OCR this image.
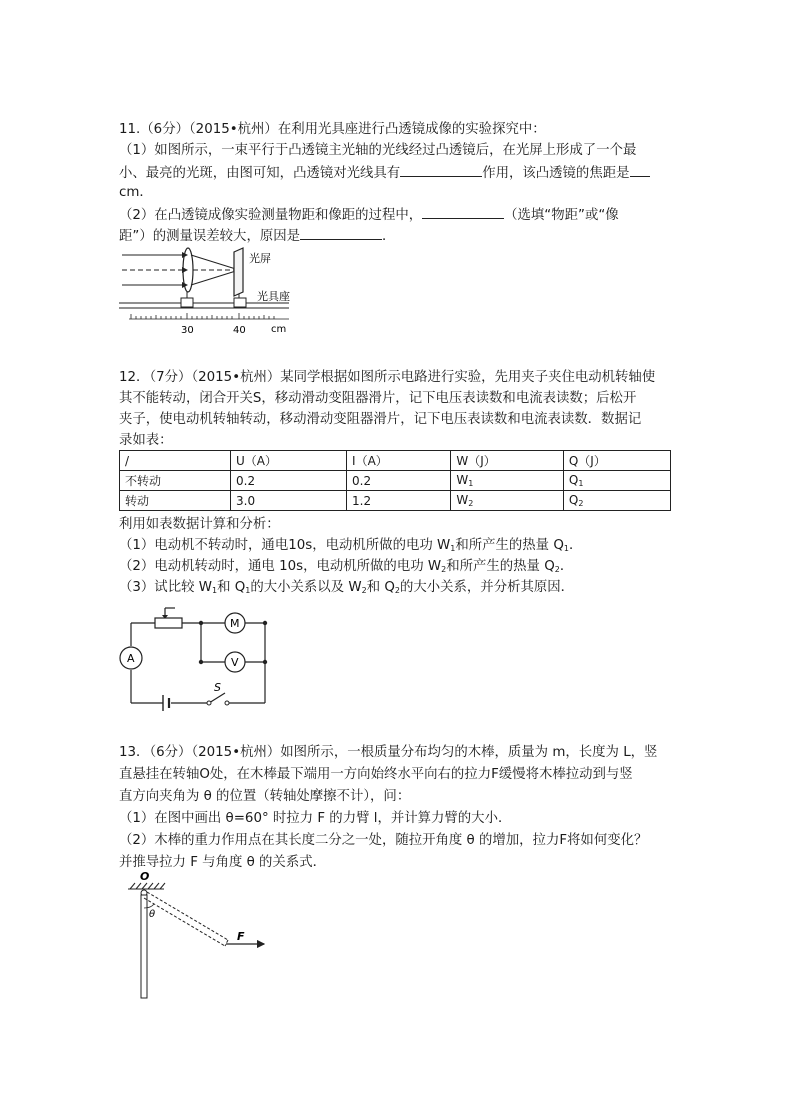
11.（6分）（2015•杭州）在利用光具座进行凸透镜成像的实验探究中：
（1）如图所示，一束平行于凸透镜主光轴的光线经过凸透镜后，在光屏上形成了一个最
小、最亮的光斑，由图可知，凸透镜对光线具有	作用，该凸透镜的焦距是
cm．
（2）在凸透镜成像实验测量物距和像距的过程中，	（选填“物距”或“像
距”）的测量误差较大，原因是	．
光屏
光具座
30	40	cm
12．（7分）（2015•杭州）某同学根据如图所示电路进行实验，先用夹子夹住电动机转轴使
其不能转动，闭合开关S，移动滑动变阻器滑片，记下电压表读数和电流表读数；后松开
夹子，使电动机转轴转动，移动滑动变阻器滑片，记下电压表读数和电流表读数．数据记
录如表：
/	U（A）	I（A）	W（J）	Q（J）
不转动	0.2	0.2	$W_1$	$Q_1$
转动	3.0	1.2	$W_2$	$Q_2$
利用如表数据计算和分析：
（1）电动机不转动时，通电10s，电动机所做的电功 $W_1$和所产生的热量 $Q_1$．
（2）电动机转动时，通电 10s，电动机所做的电功 $W_2$和所产生的热量 $Q_2$．
（3）试比较 $W_1$和 $Q_1$的大小关系以及 $W_2$和 $Q_2$的大小关系，并分析其原因．
M
V
A
S
13．（6分）（2015•杭州）如图所示，一根质量分布均匀的木棒，质量为 m，长度为 L，竖
直悬挂在转轴O处，在木棒最下端用一方向始终水平向右的拉力F缓慢将木棒拉动到与竖
直方向夹角为 θ 的位置（转轴处摩擦不计），问：
（1）在图中画出 θ=60° 时拉力 F 的力臂 l，并计算力臂的大小．
（2）木棒的重力作用点在其长度二分之一处，随拉开角度 θ 的增加，拉力F将如何变化？
并推导拉力 F 与角度 θ 的关系式．
O
θ
F
